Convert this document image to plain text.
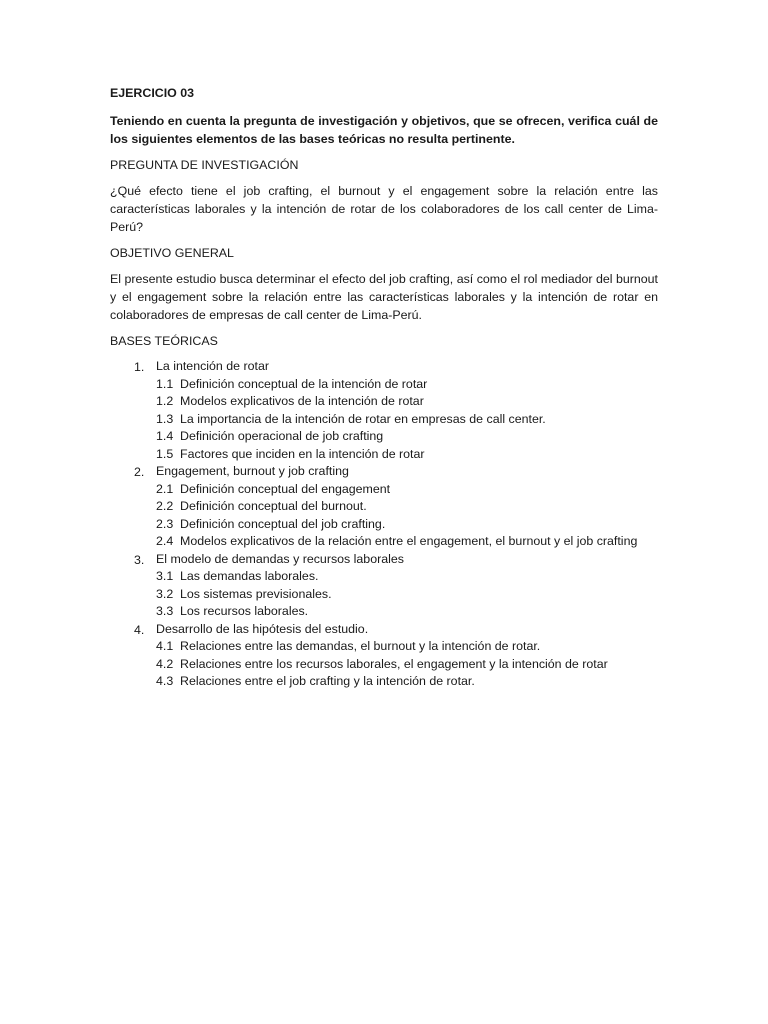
EJERCICIO 03

Teniendo en cuenta la pregunta de investigación y objetivos, que se ofrecen, verifica cuál de los siguientes elementos de las bases teóricas no resulta pertinente.

PREGUNTA DE INVESTIGACIÓN

¿Qué efecto tiene el job crafting, el burnout y el engagement sobre la relación entre las características laborales y la intención de rotar de los colaboradores de los call center de Lima-Perú?

OBJETIVO GENERAL

El presente estudio busca determinar el efecto del job crafting, así como el rol mediador del burnout y el engagement sobre la relación entre las características laborales y la intención de rotar en colaboradores de empresas de call center de Lima-Perú.

BASES TEÓRICAS

1. La intención de rotar
1.1 Definición conceptual de la intención de rotar
1.2 Modelos explicativos de la intención de rotar
1.3 La importancia de la intención de rotar en empresas de call center.
1.4 Definición operacional de job crafting
1.5 Factores que inciden en la intención de rotar
2. Engagement, burnout y job crafting
2.1 Definición conceptual del engagement
2.2 Definición conceptual del burnout.
2.3 Definición conceptual del job crafting.
2.4 Modelos explicativos de la relación entre el engagement, el burnout y el job crafting
3. El modelo de demandas y recursos laborales
3.1 Las demandas laborales.
3.2 Los sistemas previsionales.
3.3 Los recursos laborales.
4. Desarrollo de las hipótesis del estudio.
4.1 Relaciones entre las demandas, el burnout y la intención de rotar.
4.2 Relaciones entre los recursos laborales, el engagement y la intención de rotar
4.3 Relaciones entre el job crafting y la intención de rotar.
